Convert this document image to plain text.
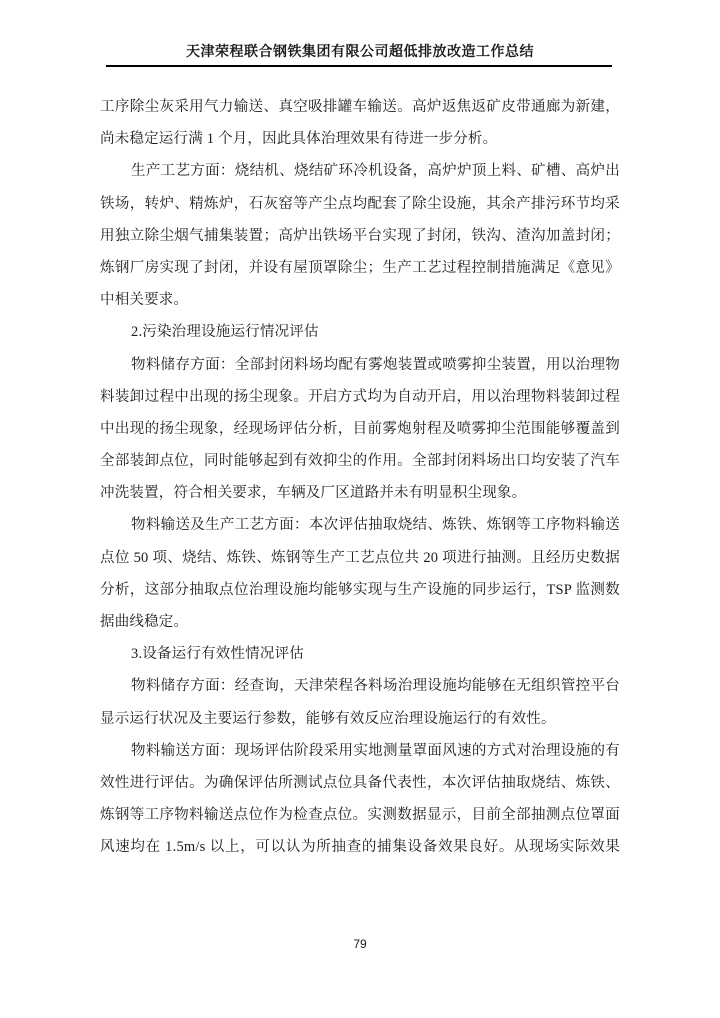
天津荣程联合钢铁集团有限公司超低排放改造工作总结
工序除尘灰采用气力输送、真空吸排罐车输送。高炉返焦返矿皮带通廊为新建，
尚未稳定运行满 1 个月，因此具体治理效果有待进一步分析。
生产工艺方面：烧结机、烧结矿环冷机设备，高炉炉顶上料、矿槽、高炉出
铁场，转炉、精炼炉，石灰窑等产尘点均配套了除尘设施，其余产排污环节均采
用独立除尘烟气捕集装置；高炉出铁场平台实现了封闭，铁沟、渣沟加盖封闭；
炼钢厂房实现了封闭，并设有屋顶罩除尘；生产工艺过程控制措施满足《意见》
中相关要求。
2.污染治理设施运行情况评估
物料储存方面：全部封闭料场均配有雾炮装置或喷雾抑尘装置，用以治理物
料装卸过程中出现的扬尘现象。开启方式均为自动开启，用以治理物料装卸过程
中出现的扬尘现象，经现场评估分析，目前雾炮射程及喷雾抑尘范围能够覆盖到
全部装卸点位，同时能够起到有效抑尘的作用。全部封闭料场出口均安装了汽车
冲洗装置，符合相关要求，车辆及厂区道路并未有明显积尘现象。
物料输送及生产工艺方面：本次评估抽取烧结、炼铁、炼钢等工序物料输送
点位 50 项、烧结、炼铁、炼钢等生产工艺点位共 20 项进行抽测。且经历史数据
分析，这部分抽取点位治理设施均能够实现与生产设施的同步运行，TSP 监测数
据曲线稳定。
3.设备运行有效性情况评估
物料储存方面：经查询，天津荣程各料场治理设施均能够在无组织管控平台
显示运行状况及主要运行参数，能够有效反应治理设施运行的有效性。
物料输送方面：现场评估阶段采用实地测量罩面风速的方式对治理设施的有
效性进行评估。为确保评估所测试点位具备代表性，本次评估抽取烧结、炼铁、
炼钢等工序物料输送点位作为检查点位。实测数据显示，目前全部抽测点位罩面
风速均在 1.5m/s 以上，可以认为所抽查的捕集设备效果良好。从现场实际效果
79
